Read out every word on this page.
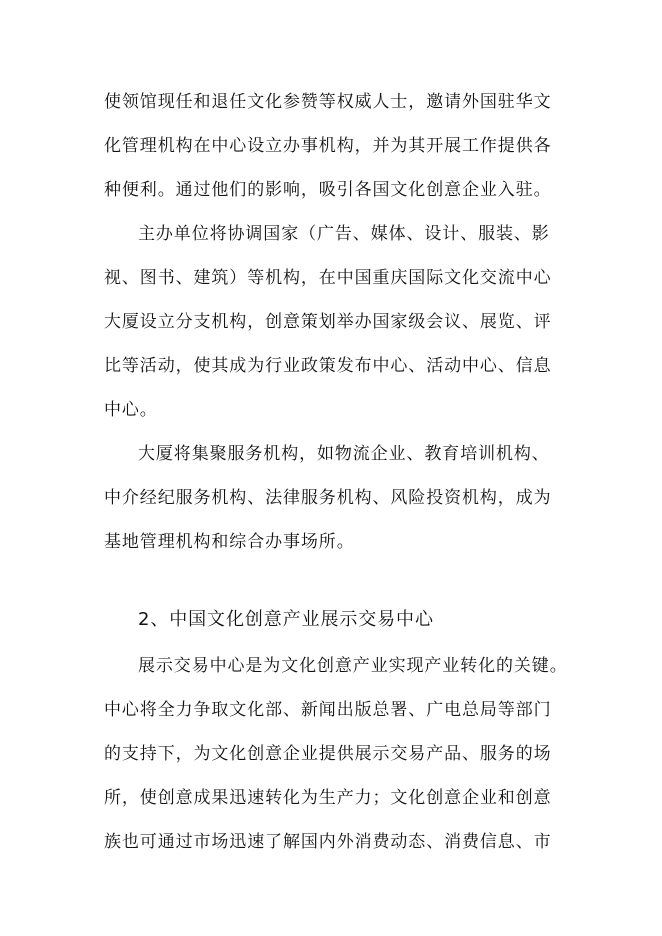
使领馆现任和退任文化参赞等权威人士，邀请外国驻华文
化管理机构在中心设立办事机构，并为其开展工作提供各
种便利。通过他们的影响，吸引各国文化创意企业入驻。
主办单位将协调国家（广告、媒体、设计、服装、影
视、图书、建筑）等机构，在中国重庆国际文化交流中心
大厦设立分支机构，创意策划举办国家级会议、展览、评
比等活动，使其成为行业政策发布中心、活动中心、信息
中心。
大厦将集聚服务机构，如物流企业、教育培训机构、
中介经纪服务机构、法律服务机构、风险投资机构，成为
基地管理机构和综合办事场所。
2、中国文化创意产业展示交易中心
展示交易中心是为文化创意产业实现产业转化的关键。
中心将全力争取文化部、新闻出版总署、广电总局等部门
的支持下，为文化创意企业提供展示交易产品、服务的场
所，使创意成果迅速转化为生产力；文化创意企业和创意
族也可通过市场迅速了解国内外消费动态、消费信息、市
